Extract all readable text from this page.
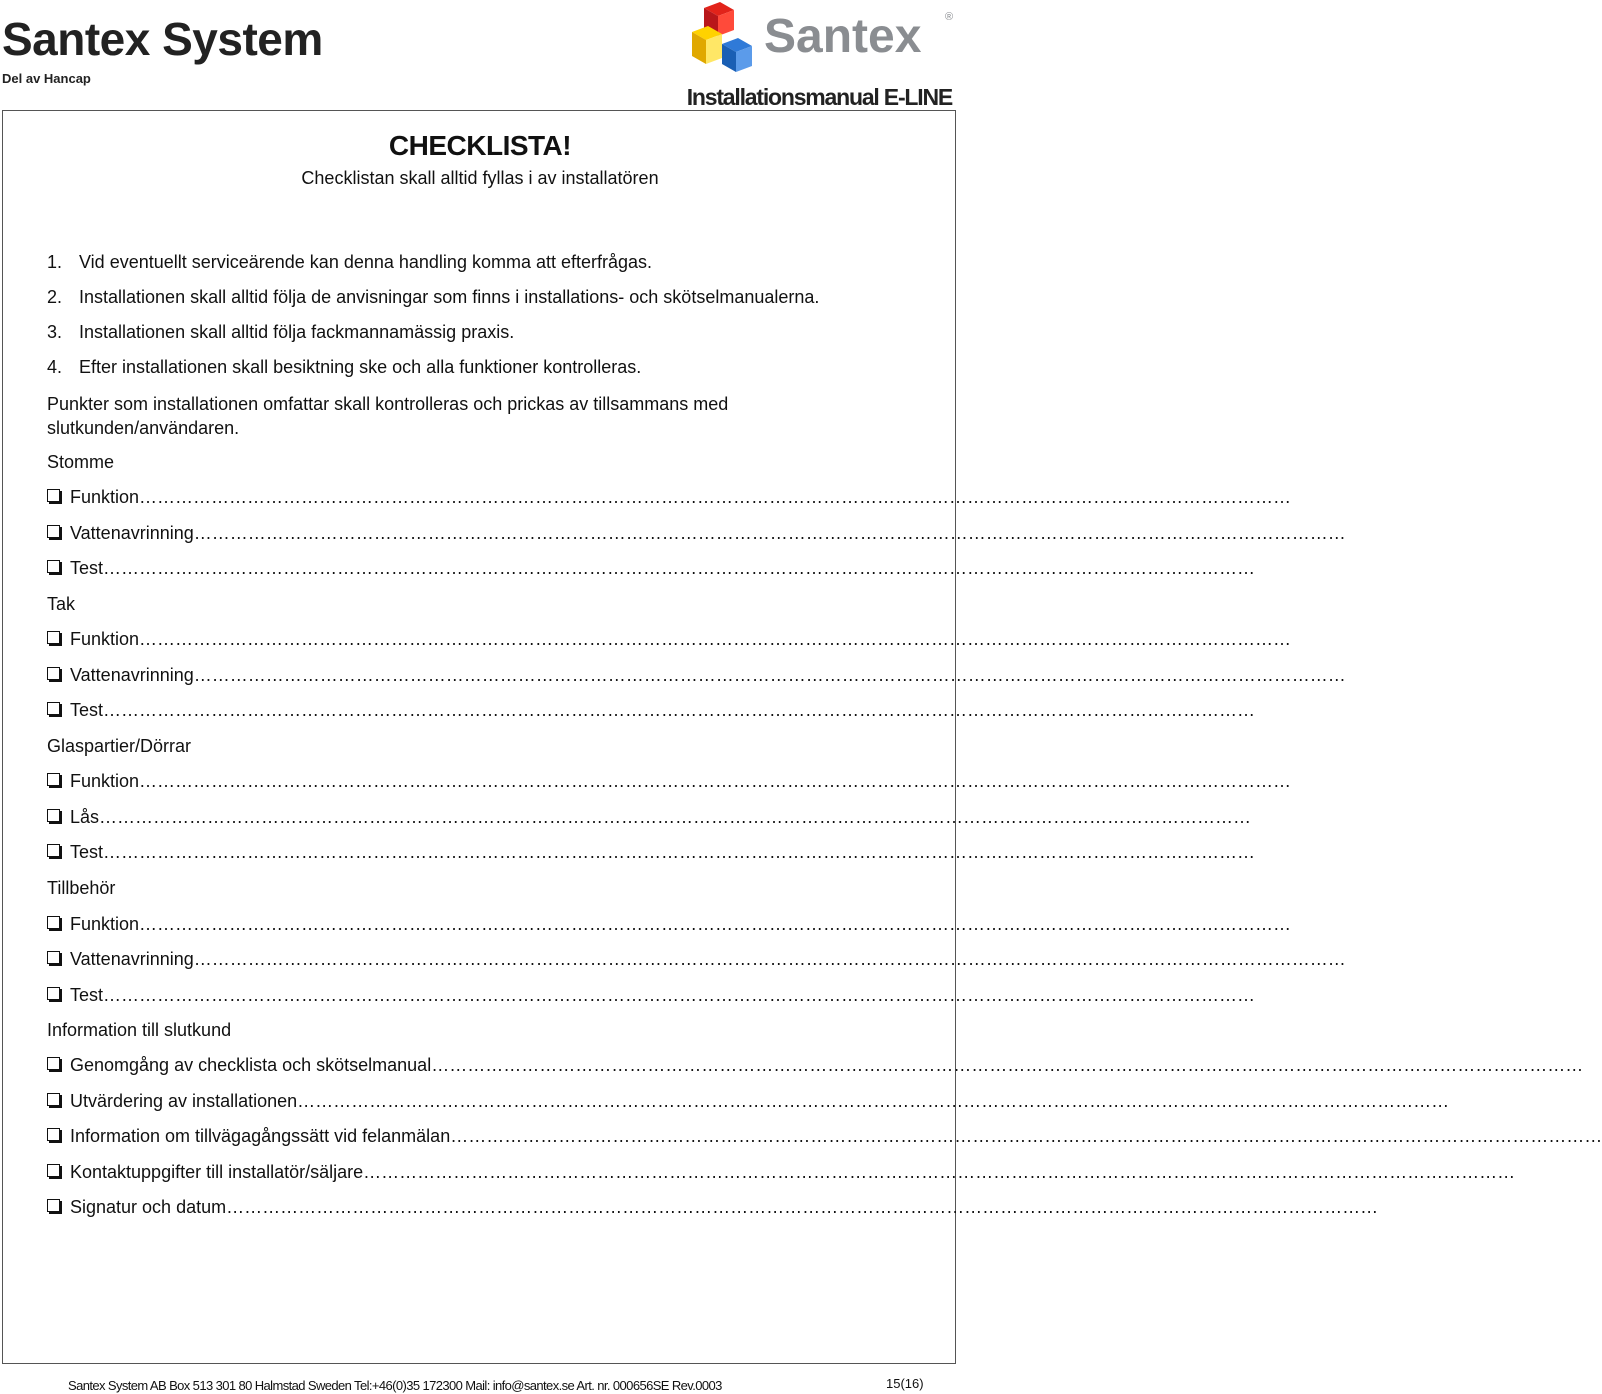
Santex System
Del av Hancap
Santex ®
Installationsmanual E-LINE
CHECKLISTA!
Checklistan skall alltid fyllas i av installatören
1. Vid eventuellt serviceärende kan denna handling komma att efterfrågas.
2. Installationen skall alltid följa de anvisningar som finns i installations- och skötselmanualerna.
3. Installationen skall alltid följa fackmannamässig praxis.
4. Efter installationen skall besiktning ske och alla funktioner kontrolleras.
Punkter som installationen omfattar skall kontrolleras och prickas av tillsammans med slutkunden/användaren.
Stomme
Funktion…………………………………………………………………………………………………………………………………………………………………………
Vattenavrinning…………………………………………………………………………………………………………………………………………………………………………
Test…………………………………………………………………………………………………………………………………………………………………………
Tak
Funktion…………………………………………………………………………………………………………………………………………………………………………
Vattenavrinning…………………………………………………………………………………………………………………………………………………………………………
Test…………………………………………………………………………………………………………………………………………………………………………
Glaspartier/Dörrar
Funktion…………………………………………………………………………………………………………………………………………………………………………
Lås…………………………………………………………………………………………………………………………………………………………………………
Test…………………………………………………………………………………………………………………………………………………………………………
Tillbehör
Funktion…………………………………………………………………………………………………………………………………………………………………………
Vattenavrinning…………………………………………………………………………………………………………………………………………………………………………
Test…………………………………………………………………………………………………………………………………………………………………………
Information till slutkund
Genomgång av checklista och skötselmanual…………………………………………………………………………………………………………………………………………………………………………
Utvärdering av installationen…………………………………………………………………………………………………………………………………………………………………………
Information om tillvägagångssätt vid felanmälan…………………………………………………………………………………………………………………………………………………………………………
Kontaktuppgifter till installatör/säljare…………………………………………………………………………………………………………………………………………………………………………
Signatur och datum…………………………………………………………………………………………………………………………………………………………………………
Santex System AB Box 513 301 80 Halmstad Sweden Tel:+46(0)35 172300 Mail: info@santex.se Art. nr. 000656SE Rev.0003	15(16)
